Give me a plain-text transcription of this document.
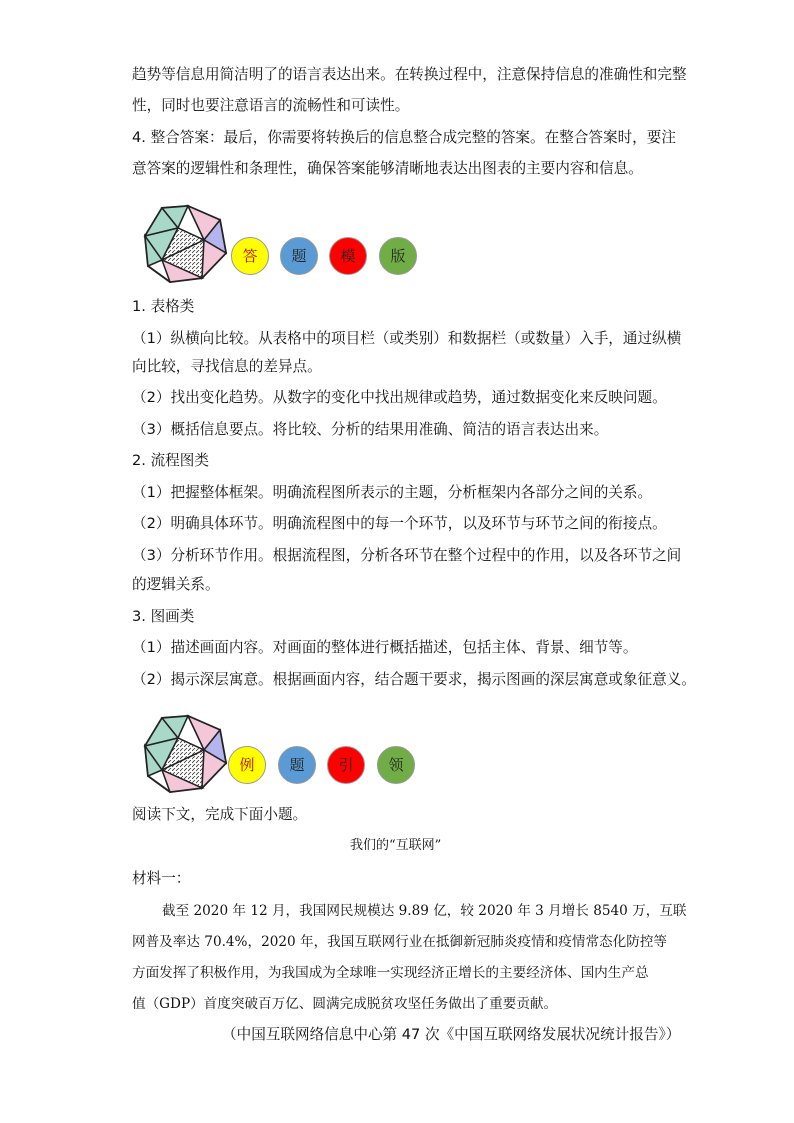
趋势等信息用简洁明了的语言表达出来。在转换过程中，注意保持信息的准确性和完整
性，同时也要注意语言的流畅性和可读性。
4. 整合答案：最后，你需要将转换后的信息整合成完整的答案。在整合答案时，要注
意答案的逻辑性和条理性，确保答案能够清晰地表达出图表的主要内容和信息。
答	题	模	版
1. 表格类
（1）纵横向比较。从表格中的项目栏（或类别）和数据栏（或数量）入手，通过纵横
向比较，寻找信息的差异点。
（2）找出变化趋势。从数字的变化中找出规律或趋势，通过数据变化来反映问题。
（3）概括信息要点。将比较、分析的结果用准确、简洁的语言表达出来。
2. 流程图类
（1）把握整体框架。明确流程图所表示的主题，分析框架内各部分之间的关系。
（2）明确具体环节。明确流程图中的每一个环节，以及环节与环节之间的衔接点。
（3）分析环节作用。根据流程图，分析各环节在整个过程中的作用，以及各环节之间
的逻辑关系。
3. 图画类
（1）描述画面内容。对画面的整体进行概括描述，包括主体、背景、细节等。
（2）揭示深层寓意。根据画面内容，结合题干要求，揭示图画的深层寓意或象征意义。
例	题	引	领
阅读下文，完成下面小题。
我们的“互联网”
材料一：
截至 2020 年 12 月，我国网民规模达 9.89 亿，较 2020 年 3 月增长 8540 万，互联
网普及率达 70.4%，2020 年，我国互联网行业在抵御新冠肺炎疫情和疫情常态化防控等
方面发挥了积极作用，为我国成为全球唯一实现经济正增长的主要经济体、国内生产总
值（GDP）首度突破百万亿、圆满完成脱贫攻坚任务做出了重要贡献。
（中国互联网络信息中心第 47 次《中国互联网络发展状况统计报告》）
